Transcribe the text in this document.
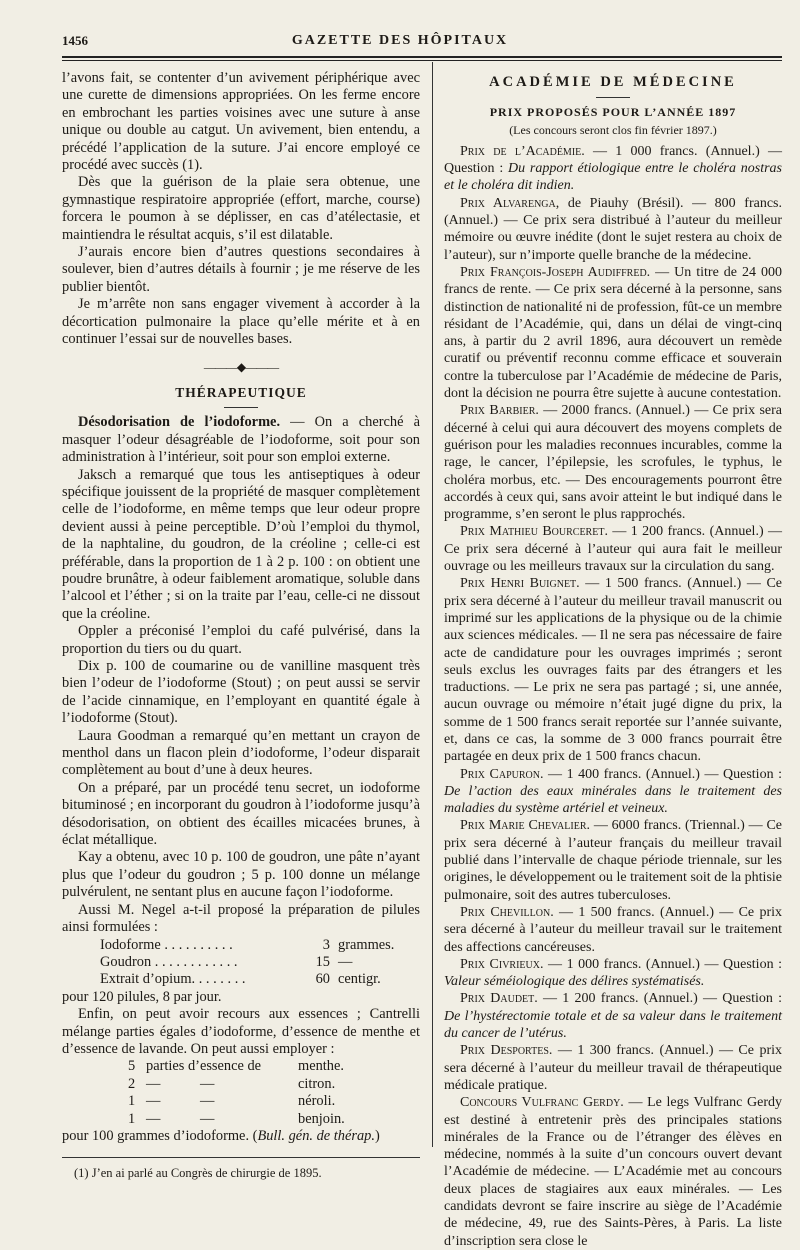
1456	GAZETTE DES HÔPITAUX

l’avons fait, se contenter d’un avivement périphérique avec une curette de dimensions appropriées. On les ferme encore en embrochant les parties voisines avec une suture à anse unique ou double au catgut. Un avivement, bien entendu, a précédé l’application de la suture. J’ai encore employé ce procédé avec succès (1).

Dès que la guérison de la plaie sera obtenue, une gymnastique respiratoire appropriée (effort, marche, course) forcera le poumon à se déplisser, en cas d’atélectasie, et maintiendra le résultat acquis, s’il est dilatable.

J’aurais encore bien d’autres questions secondaires à soulever, bien d’autres détails à fournir ; je me réserve de les publier bientôt.

Je m’arrête non sans engager vivement à accorder à la décortication pulmonaire la place qu’elle mérite et à en continuer l’essai sur de nouvelles bases.

———◆———
THÉRAPEUTIQUE

Désodorisation de l’iodoforme. — On a cherché à masquer l’odeur désagréable de l’iodoforme, soit pour son administration à l’intérieur, soit pour son emploi externe.

Jaksch a remarqué que tous les antiseptiques à odeur spécifique jouissent de la propriété de masquer complètement celle de l’iodoforme, en même temps que leur odeur propre devient aussi à peine perceptible. D’où l’emploi du thymol, de la naphtaline, du goudron, de la créoline ; celle-ci est préférable, dans la proportion de 1 à 2 p. 100 : on obtient une poudre brunâtre, à odeur faiblement aromatique, soluble dans l’alcool et l’éther ; si on la traite par l’eau, celle-ci ne dissout que la créoline.

Oppler a préconisé l’emploi du café pulvérisé, dans la proportion du tiers ou du quart.

Dix p. 100 de coumarine ou de vanilline masquent très bien l’odeur de l’iodoforme (Stout) ; on peut aussi se servir de l’acide cinnamique, en l’employant en quantité égale à l’iodoforme (Stout).

Laura Goodman a remarqué qu’en mettant un crayon de menthol dans un flacon plein d’iodoforme, l’odeur disparait complètement au bout d’une à deux heures.

On a préparé, par un procédé tenu secret, un iodoforme bituminosé ; en incorporant du goudron à l’iodoforme jusqu’à désodorisation, on obtient des écailles micacées brunes, à éclat métallique.

Kay a obtenu, avec 10 p. 100 de goudron, une pâte n’ayant plus que l’odeur du goudron ; 5 p. 100 donne un mélange pulvérulent, ne sentant plus en aucune façon l’iodoforme.

Aussi M. Negel a-t-il proposé la préparation de pilules ainsi formulées :

Iodoforme . . . . . . . . . .	3 grammes.
Goudron . . . . . . . . . . . .	15 —
Extrait d’opium. . . . . . . .	60 centigr.

pour 120 pilules, 8 par jour.

Enfin, on peut avoir recours aux essences ; Cantrelli mélange parties égales d’iodoforme, d’essence de menthe et d’essence de lavande. On peut aussi employer :

5 parties d’essence de	menthe.
2 —           —	citron.
1 —           —	néroli.
1 —           —	benjoin.

pour 100 grammes d’iodoforme. (Bull. gén. de thérap.)

(1) J’en ai parlé au Congrès de chirurgie de 1895.
ACADÉMIE DE MÉDECINE
PRIX PROPOSÉS POUR L’ANNÉE 1897
(Les concours seront clos fin février 1897.)

Prix de l’Académie. — 1 000 francs. (Annuel.) — Question : Du rapport étiologique entre le choléra nostras et le choléra dit indien.

Prix Alvarenga, de Piauhy (Brésil). — 800 francs. (Annuel.) — Ce prix sera distribué à l’auteur du meilleur mémoire ou œuvre inédite (dont le sujet restera au choix de l’auteur), sur n’importe quelle branche de la médecine.

Prix François-Joseph Audiffred. — Un titre de 24 000 francs de rente. — Ce prix sera décerné à la personne, sans distinction de nationalité ni de profession, fût-ce un membre résidant de l’Académie, qui, dans un délai de vingt-cinq ans, à partir du 2 avril 1896, aura découvert un remède curatif ou préventif reconnu comme efficace et souverain contre la tuberculose par l’Académie de médecine de Paris, dont la décision ne pourra être sujette à aucune contestation.

Prix Barbier. — 2000 francs. (Annuel.) — Ce prix sera décerné à celui qui aura découvert des moyens complets de guérison pour les maladies reconnues incurables, comme la rage, le cancer, l’épilepsie, les scrofules, le typhus, le choléra morbus, etc. — Des encouragements pourront être accordés à ceux qui, sans avoir atteint le but indiqué dans le programme, s’en seront le plus rapprochés.

Prix Mathieu Bourceret. — 1 200 francs. (Annuel.) — Ce prix sera décerné à l’auteur qui aura fait le meilleur ouvrage ou les meilleurs travaux sur la circulation du sang.

Prix Henri Buignet. — 1 500 francs. (Annuel.) — Ce prix sera décerné à l’auteur du meilleur travail manuscrit ou imprimé sur les applications de la physique ou de la chimie aux sciences médicales. — Il ne sera pas nécessaire de faire acte de candidature pour les ouvrages imprimés ; seront seuls exclus les ouvrages faits par des étrangers et les traductions. — Le prix ne sera pas partagé ; si, une année, aucun ouvrage ou mémoire n’était jugé digne du prix, la somme de 1 500 francs serait reportée sur l’année suivante, et, dans ce cas, la somme de 3 000 francs pourrait être partagée en deux prix de 1 500 francs chacun.

Prix Capuron. — 1 400 francs. (Annuel.) — Question : De l’action des eaux minérales dans le traitement des maladies du système artériel et veineux.

Prix Marie Chevalier. — 6000 francs. (Triennal.) — Ce prix sera décerné à l’auteur français du meilleur travail publié dans l’intervalle de chaque période triennale, sur les origines, le développement ou le traitement soit de la phtisie pulmonaire, soit des autres tuberculoses.

Prix Chevillon. — 1 500 francs. (Annuel.) — Ce prix sera décerné à l’auteur du meilleur travail sur le traitement des affections cancéreuses.

Prix Civrieux. — 1 000 francs. (Annuel.) — Question : Valeur séméiologique des délires systématisés.

Prix Daudet. — 1 200 francs. (Annuel.) — Question : De l’hystérectomie totale et de sa valeur dans le traitement du cancer de l’utérus.

Prix Desportes. — 1 300 francs. (Annuel.) — Ce prix sera décerné à l’auteur du meilleur travail de thérapeutique médicale pratique.

Concours Vulfranc Gerdy. — Le legs Vulfranc Gerdy est destiné à entretenir près des principales stations minérales de la France ou de l’étranger des élèves en médecine, nommés à la suite d’un concours ouvert devant l’Académie de médecine. — L’Académie met au concours deux places de stagiaires aux eaux minérales. — Les candidats devront se faire inscrire au siège de l’Académie de médecine, 49, rue des Saints-Pères, à Paris. La liste d’inscription sera close le
